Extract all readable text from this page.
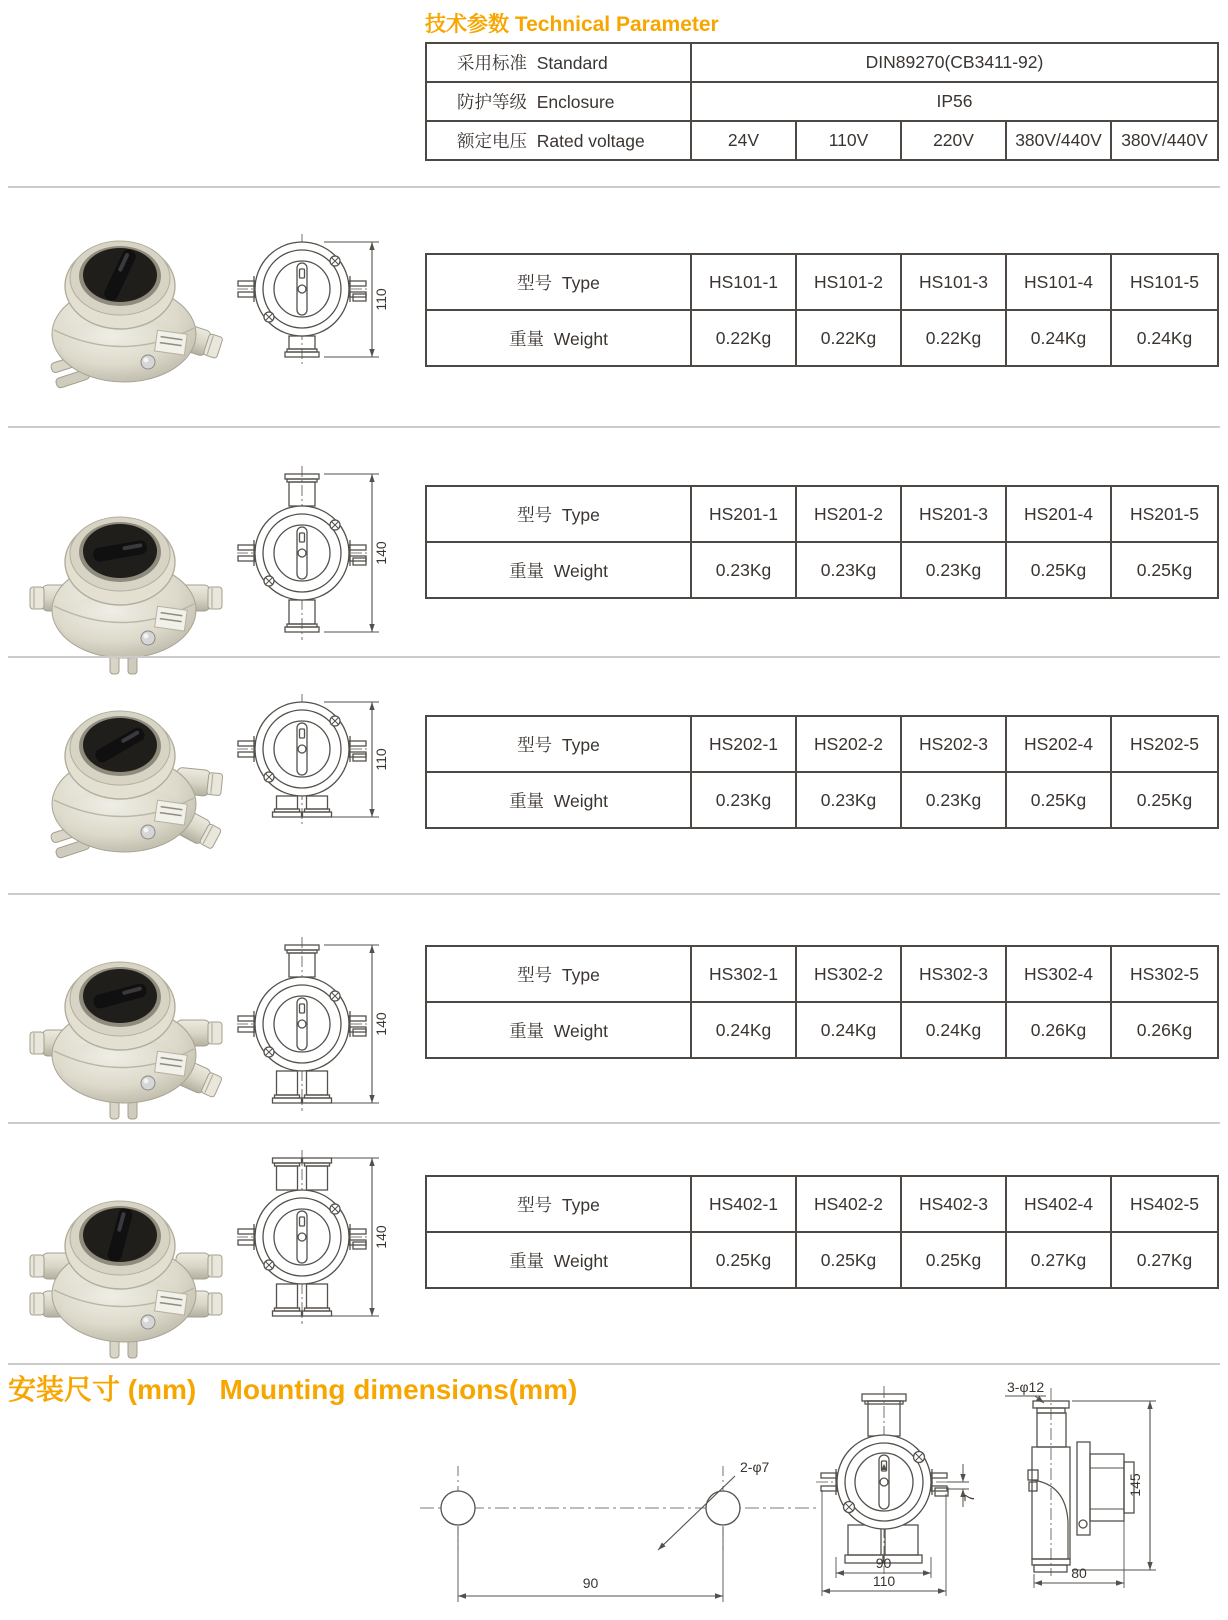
技术参数 Technical Parameter
采用标准  Standard	DIN89270(CB3411-92)				
防护等级  Enclosure	IP56				
额定电压  Rated voltage	24V	110V	220V	380V/440V	380V/440V
110
型号  Type	HS101-1	HS101-2	HS101-3	HS101-4	HS101-5
重量  Weight	0.22Kg	0.22Kg	0.22Kg	0.24Kg	0.24Kg
140
型号  Type	HS201-1	HS201-2	HS201-3	HS201-4	HS201-5
重量  Weight	0.23Kg	0.23Kg	0.23Kg	0.25Kg	0.25Kg
110
型号  Type	HS202-1	HS202-2	HS202-3	HS202-4	HS202-5
重量  Weight	0.23Kg	0.23Kg	0.23Kg	0.25Kg	0.25Kg
140
型号  Type	HS302-1	HS302-2	HS302-3	HS302-4	HS302-5
重量  Weight	0.24Kg	0.24Kg	0.24Kg	0.26Kg	0.26Kg
140
型号  Type	HS402-1	HS402-2	HS402-3	HS402-4	HS402-5
重量  Weight	0.25Kg	0.25Kg	0.25Kg	0.27Kg	0.27Kg
安装尺寸 (mm)   Mounting dimensions(mm)
90
2-φ7
7
90
110
3-φ12
145
80
